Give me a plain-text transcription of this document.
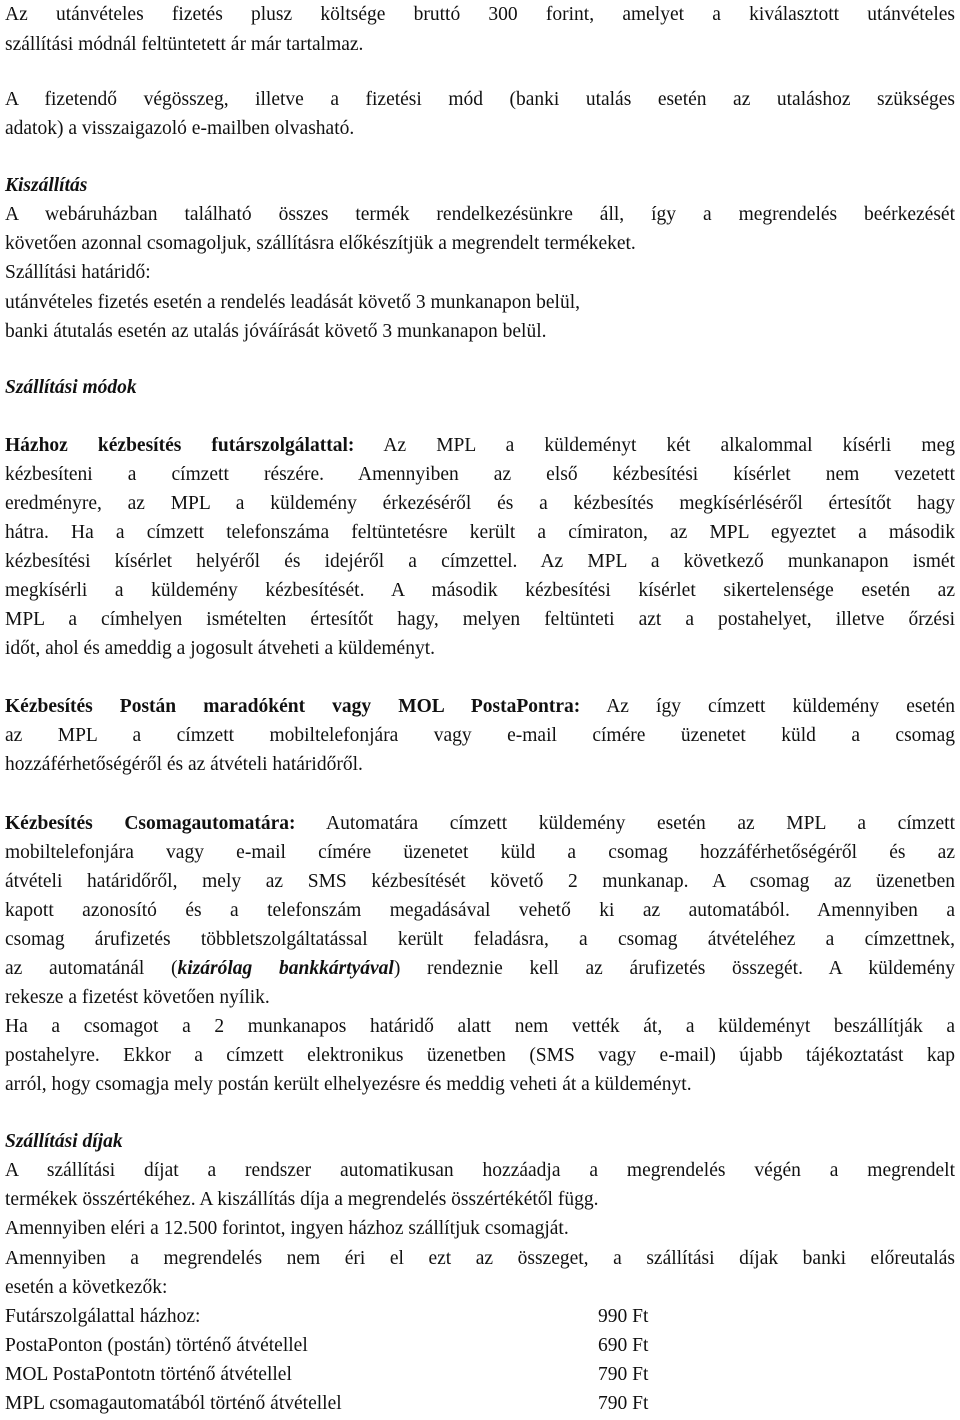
Az utánvételes fizetés plusz költsége bruttó 300 forint, amelyet a kiválasztott utánvételes
szállítási módnál feltüntetett ár már tartalmaz.
A fizetendő végösszeg, illetve a fizetési mód (banki utalás esetén az utaláshoz szükséges
adatok) a visszaigazoló e-mailben olvasható.
Kiszállítás
A webáruházban található összes termék rendelkezésünkre áll, így a megrendelés beérkezését
követően azonnal csomagoljuk, szállításra előkészítjük a megrendelt termékeket.
Szállítási határidő:
utánvételes fizetés esetén a rendelés leadását követő 3 munkanapon belül,
banki átutalás esetén az utalás jóváírását követő 3 munkanapon belül.
Szállítási módok
Házhoz kézbesítés futárszolgálattal: Az MPL a küldeményt két alkalommal kísérli meg
kézbesíteni a címzett részére. Amennyiben az első kézbesítési kísérlet nem vezetett
eredményre, az MPL a küldemény érkezéséről és a kézbesítés megkísérléséről értesítőt hagy
hátra. Ha a címzett telefonszáma feltüntetésre került a címiraton, az MPL egyeztet a második
kézbesítési kísérlet helyéről és idejéről a címzettel. Az MPL a következő munkanapon ismét
megkísérli a küldemény kézbesítését. A második kézbesítési kísérlet sikertelensége esetén az
MPL a címhelyen ismételten értesítőt hagy, melyen feltünteti azt a postahelyet, illetve őrzési
időt, ahol és ameddig a jogosult átveheti a küldeményt.
Kézbesítés Postán maradóként vagy MOL PostaPontra: Az így címzett küldemény esetén
az MPL a címzett mobiltelefonjára vagy e-mail címére üzenetet küld a csomag
hozzáférhetőségéről és az átvételi határidőről.
Kézbesítés Csomagautomatára: Automatára címzett küldemény esetén az MPL a címzett
mobiltelefonjára vagy e-mail címére üzenetet küld a csomag hozzáférhetőségéről és az
átvételi határidőről, mely az SMS kézbesítését követő 2 munkanap. A csomag az üzenetben
kapott azonosító és a telefonszám megadásával vehető ki az automatából. Amennyiben a
csomag árufizetés többletszolgáltatással került feladásra, a csomag átvételéhez a címzettnek,
az automatánál (kizárólag bankkártyával) rendeznie kell az árufizetés összegét. A küldemény
rekesze a fizetést követően nyílik.
Ha a csomagot a 2 munkanapos határidő alatt nem vették át, a küldeményt beszállítják a
postahelyre. Ekkor a címzett elektronikus üzenetben (SMS vagy e-mail) újabb tájékoztatást kap
arról, hogy csomagja mely postán került elhelyezésre és meddig veheti át a küldeményt.
Szállítási díjak
A szállítási díjat a rendszer automatikusan hozzáadja a megrendelés végén a megrendelt
termékek összértékéhez. A kiszállítás díja a megrendelés összértékétől függ.
Amennyiben eléri a 12.500 forintot, ingyen házhoz szállítjuk csomagját.
Amennyiben a megrendelés nem éri el ezt az összeget, a szállítási díjak banki előreutalás
esetén a következők:
Futárszolgálattal házhoz:	990 Ft
PostaPonton (postán) történő átvétellel	690 Ft
MOL PostaPontotn történő átvétellel	790 Ft
MPL csomagautomatából történő átvétellel	790 Ft
